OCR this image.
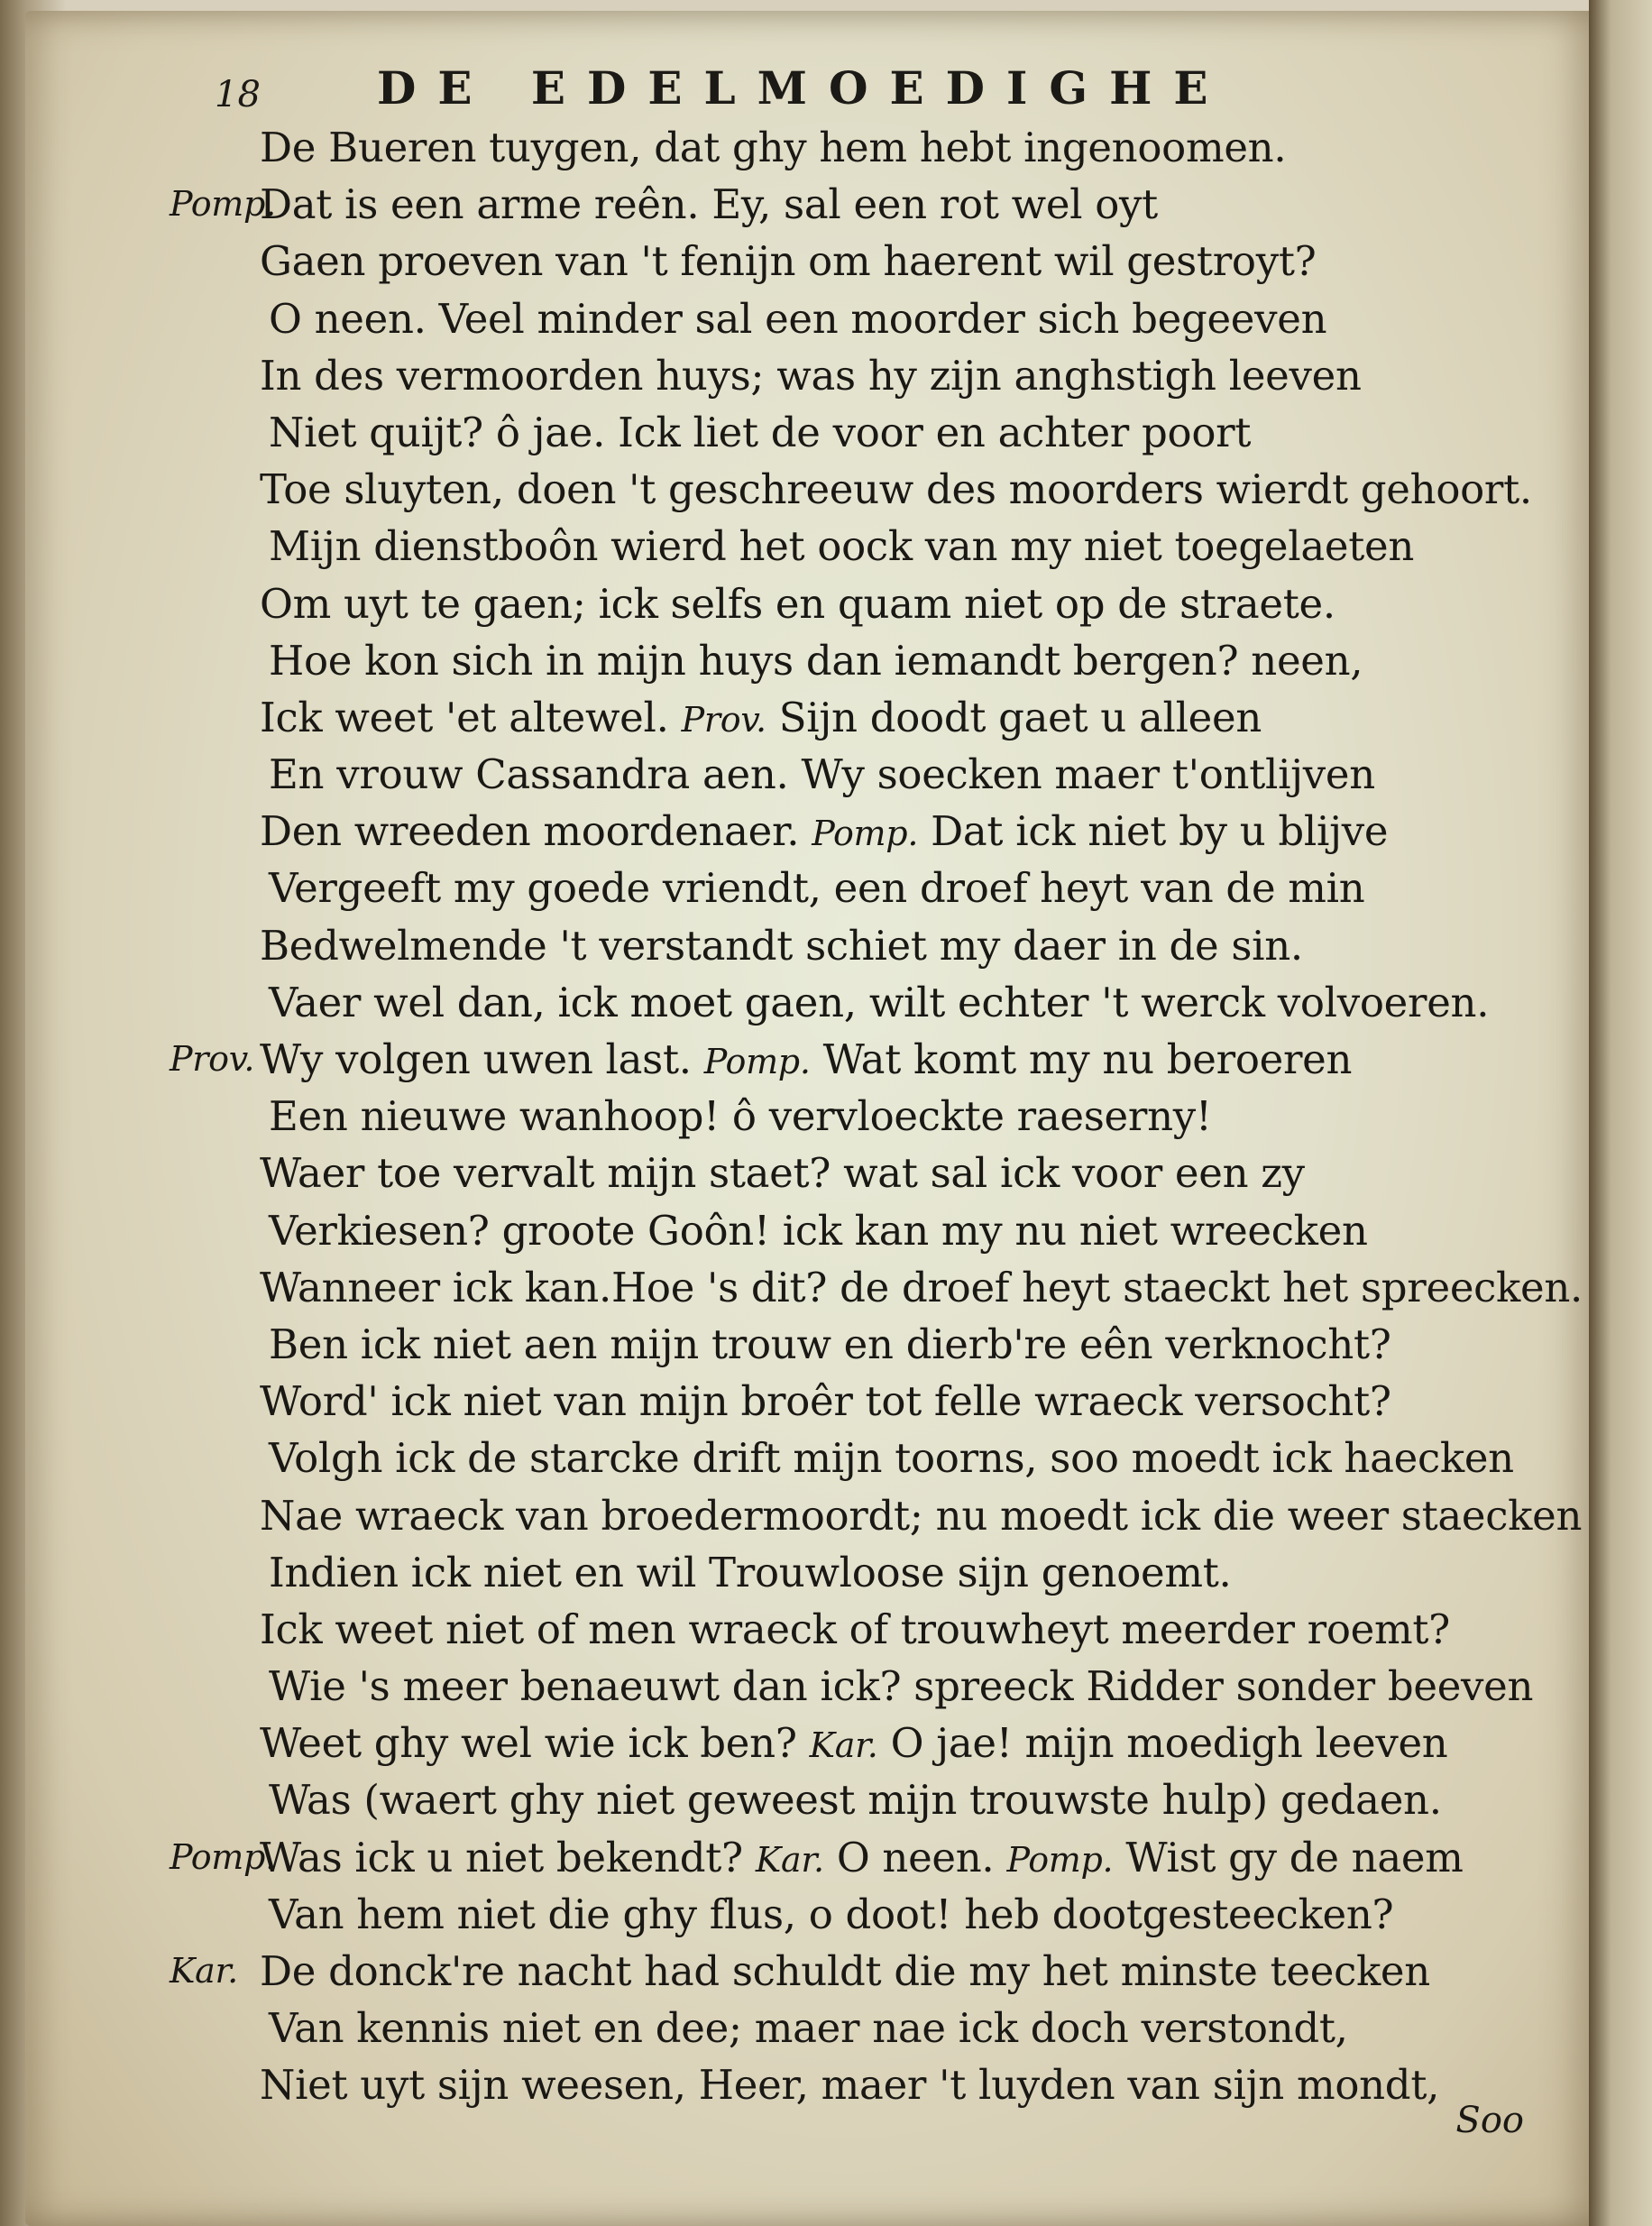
18	DE EDELMOEDIGHE
De Bueren tuygen, dat ghy hem hebt ingenoomen.
Pomp.
Dat is een arme reên. Ey, sal een rot wel oyt
Gaen proeven van 't fenijn om haerent wil gestroyt?
O neen. Veel minder sal een moorder sich begeeven
In des vermoorden huys; was hy zijn anghstigh leeven
Niet quijt? ô jae. Ick liet de voor en achter poort
Toe sluyten, doen 't geschreeuw des moorders wierdt gehoort.
Mijn dienstboôn wierd het oock van my niet toegelaeten
Om uyt te gaen; ick selfs en quam niet op de straete.
Hoe kon sich in mijn huys dan iemandt bergen? neen,
Ick weet 'et altewel. Prov. Sijn doodt gaet u alleen
En vrouw Cassandra aen. Wy soecken maer t'ontlijven
Den wreeden moordenaer. Pomp. Dat ick niet by u blijve
Vergeeft my goede vriendt, een droef heyt van de min
Bedwelmende 't verstandt schiet my daer in de sin.
Vaer wel dan, ick moet gaen, wilt echter 't werck volvoeren.
Prov. Wy volgen uwen last. Pomp. Wat komt my nu beroeren
Een nieuwe wanhoop! ô vervloeckte raeserny!
Waer toe vervalt mijn staet? wat sal ick voor een zy
Verkiesen? groote Goôn! ick kan my nu niet wreecken
Wanneer ick kan.Hoe 's dit? de droef heyt staeckt het spreecken.
Ben ick niet aen mijn trouw en dierb're eên verknocht?
Word' ick niet van mijn broêr tot felle wraeck versocht?
Volgh ick de starcke drift mijn toorns, soo moedt ick haecken
Nae wraeck van broedermoordt; nu moedt ick die weer staecken
Indien ick niet en wil Trouwloose sijn genoemt.
Ick weet niet of men wraeck of trouwheyt meerder roemt?
Wie 's meer benaeuwt dan ick? spreeck Ridder sonder beeven
Weet ghy wel wie ick ben? Kar. O jae! mijn moedigh leeven
Was (waert ghy niet geweest mijn trouwste hulp) gedaen.
Pomp.
Was ick u niet bekendt? Kar. O neen. Pomp. Wist gy de naem
Van hem niet die ghy flus, o doot! heb dootgesteecken?
Kar. De donck're nacht had schuldt die my het minste teecken
Van kennis niet en dee; maer nae ick doch verstondt,
Niet uyt sijn weesen, Heer, maer 't luyden van sijn mondt,
Soo
